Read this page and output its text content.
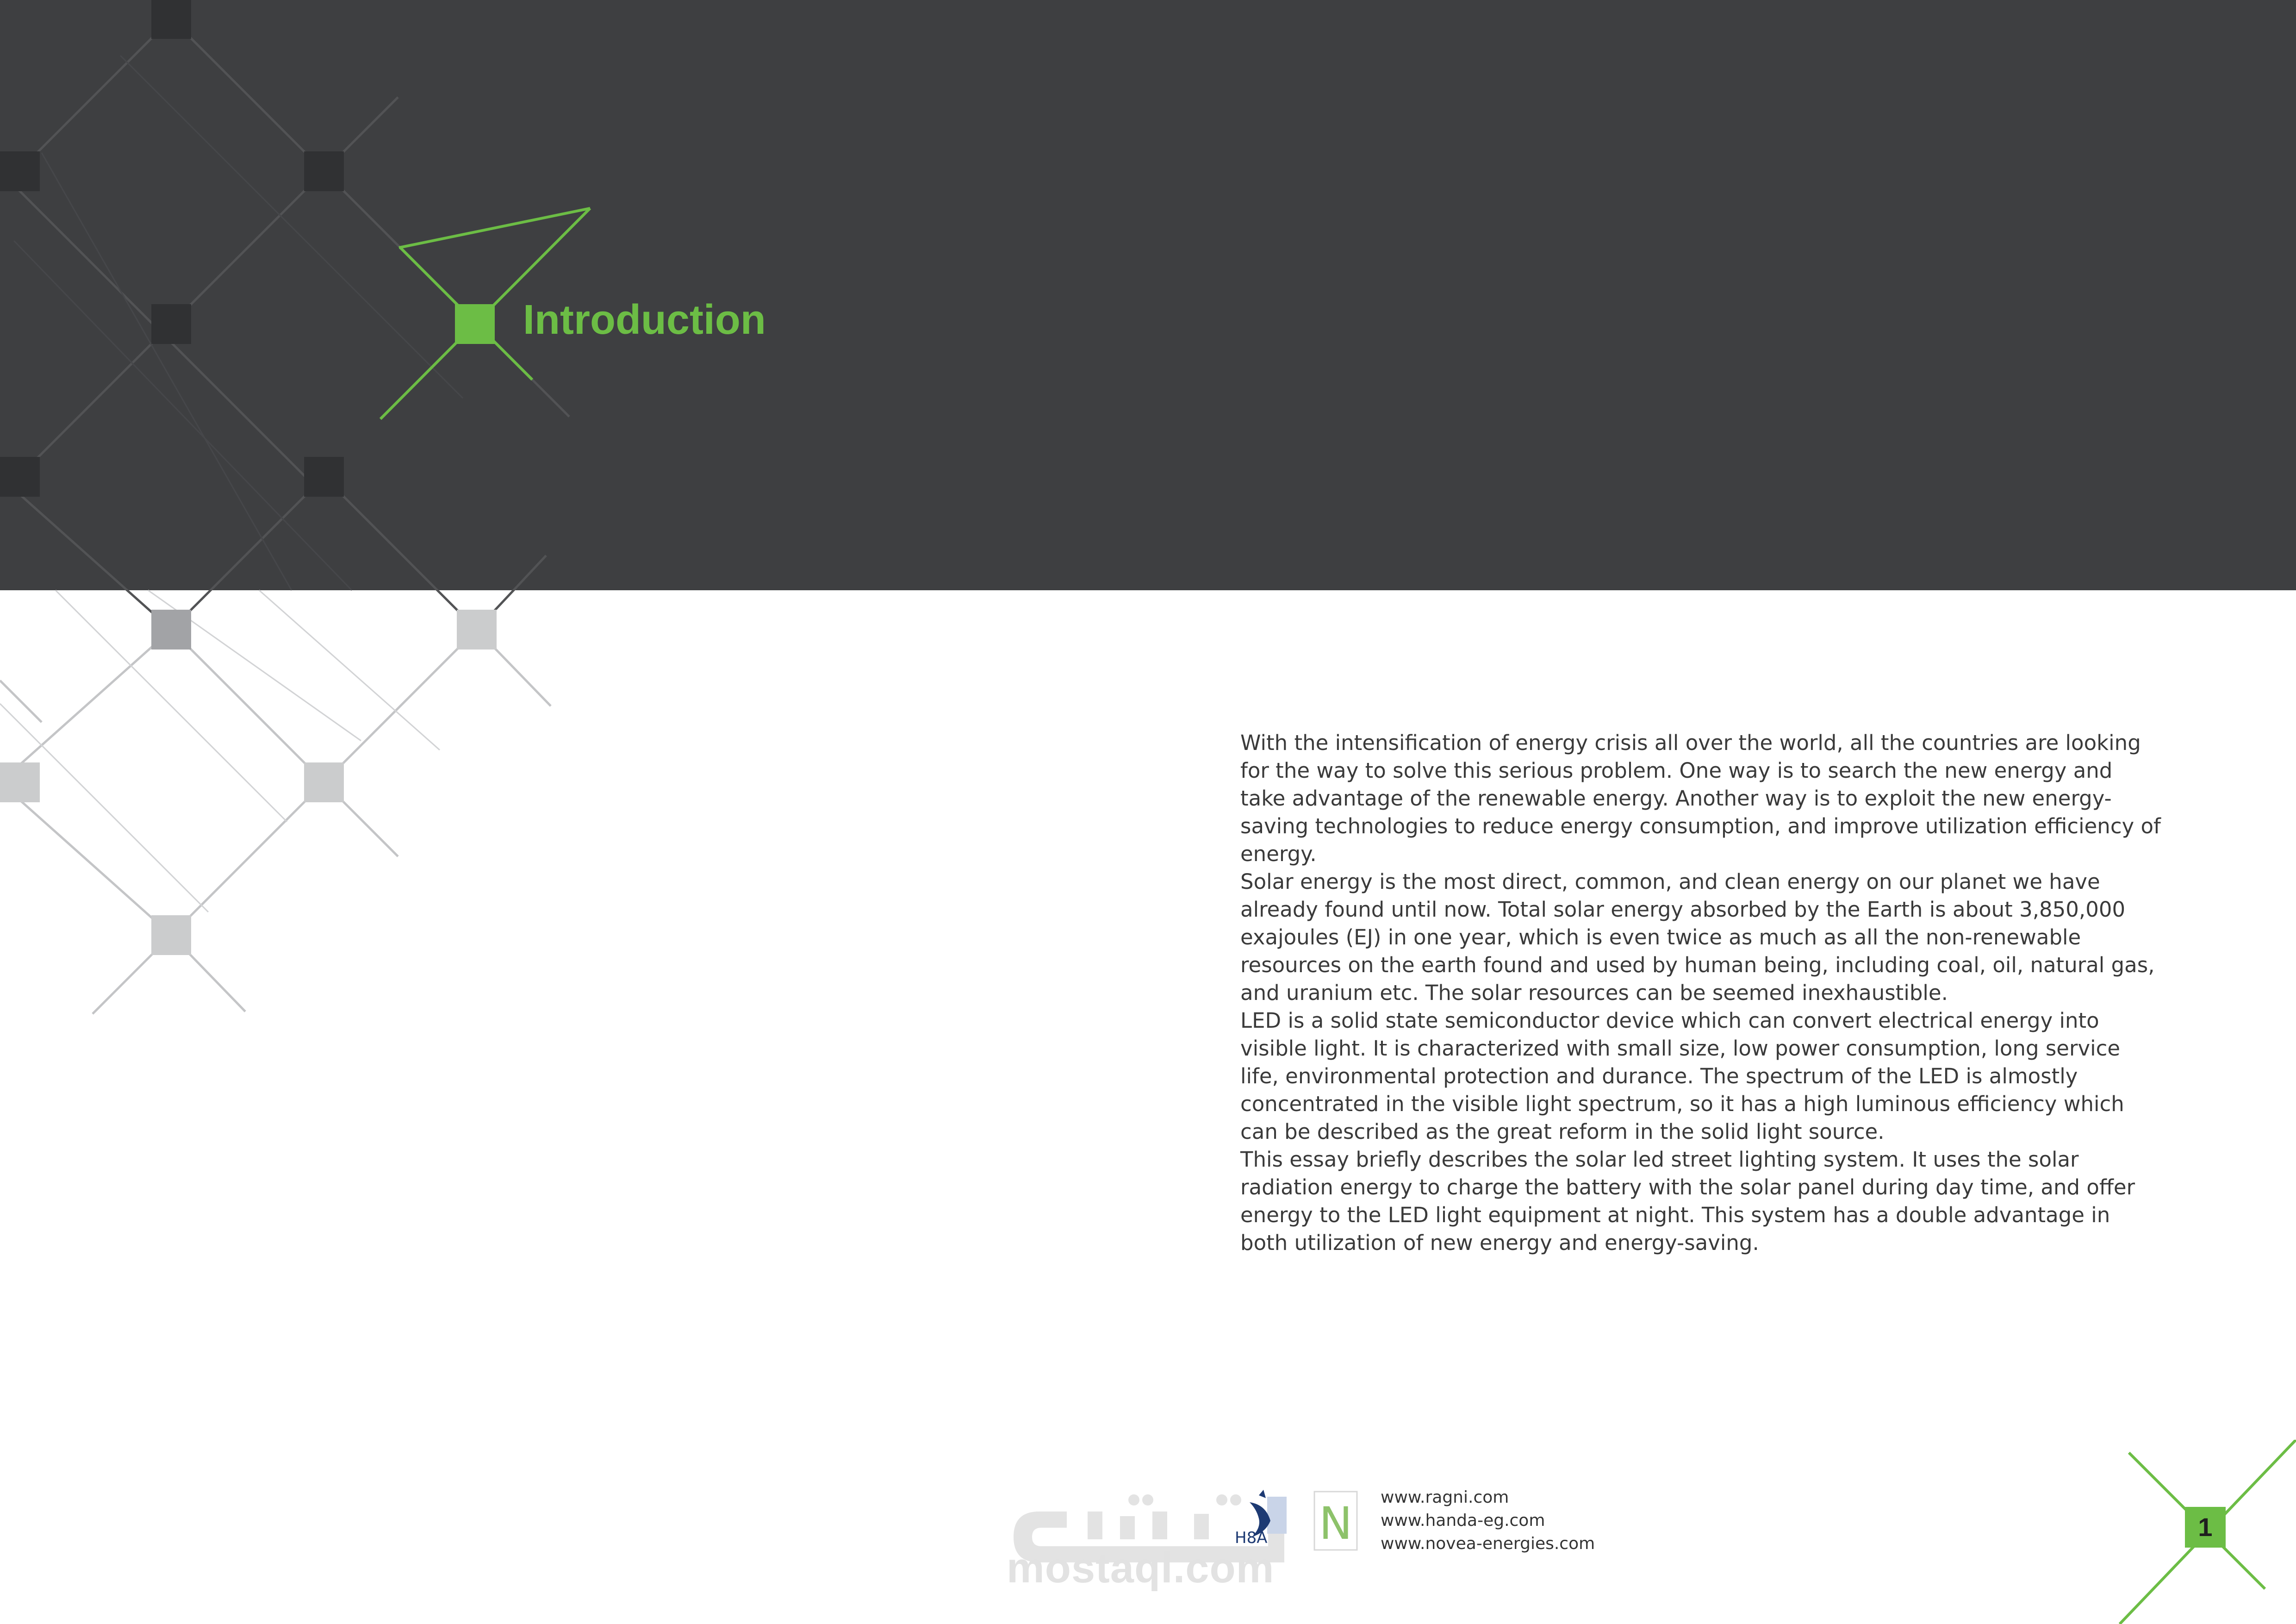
Introduction

With the intensification of energy crisis all over the world, all the countries are looking for the way to solve this serious problem. One way is to search the new energy and take advantage of the renewable energy. Another way is to exploit the new energy-saving technologies to reduce energy consumption, and improve utilization efficiency of energy.

Solar energy is the most direct, common, and clean energy on our planet we have already found until now. Total solar energy absorbed by the Earth is about 3,850,000 exajoules (EJ) in one year, which is even twice as much as all the non-renewable resources on the earth found and used by human being, including coal, oil, natural gas, and uranium etc. The solar resources can be seemed inexhaustible.

LED is a solid state semiconductor device which can convert electrical energy into visible light. It is characterized with small size, low power consumption, long service life, environmental protection and durance. The spectrum of the LED is almostly concentrated in the visible light spectrum, so it has a high luminous efficiency which can be described as the great reform in the solid light source.

This essay briefly describes the solar led street lighting system. It uses the solar radiation energy to charge the battery with the solar panel during day time, and offer energy to the LED light equipment at night. This system has a double advantage in both utilization of new energy and energy-saving.

mostaql.com
H8A N
www.ragni.com
www.handa-eg.com
www.novea-energies.com
1
